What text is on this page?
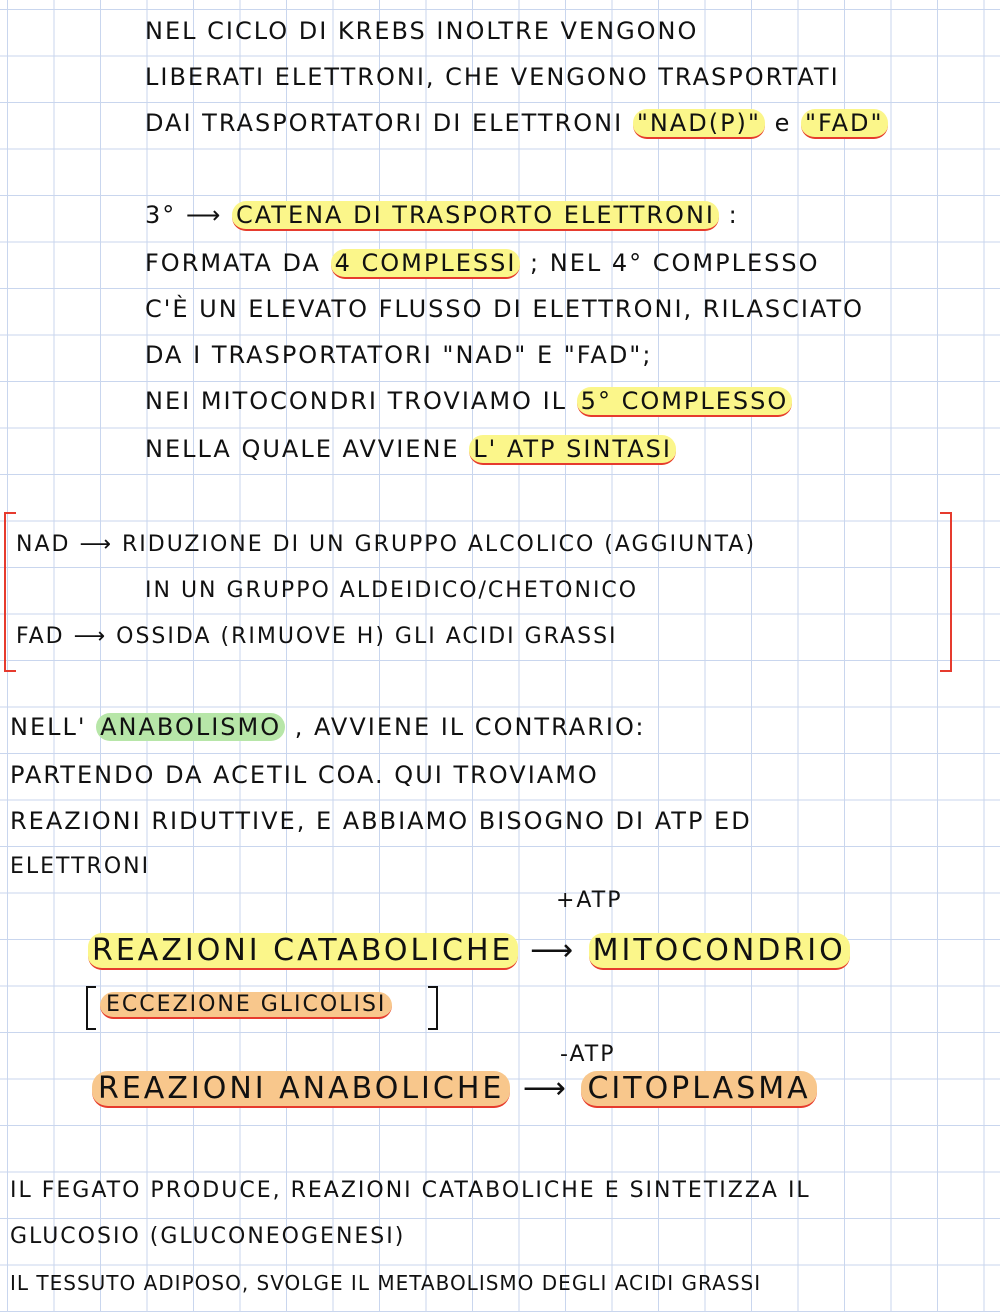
NEL CICLO DI KREBS INOLTRE VENGONO
LIBERATI ELETTRONI, CHE VENGONO TRASPORTATI
DAI TRASPORTATORI DI ELETTRONI "NAD(P)" e "FAD"
3° ⟶ CATENA DI TRASPORTO ELETTRONI :
FORMATA DA 4 COMPLESSI ; NEL 4° COMPLESSO
C'È UN ELEVATO FLUSSO DI ELETTRONI, RILASCIATO
DA I TRASPORTATORI "NAD" E "FAD";
NEI MITOCONDRI TROVIAMO IL 5° COMPLESSO
NELLA QUALE AVVIENE L' ATP SINTASI
NAD ⟶ RIDUZIONE DI UN GRUPPO ALCOLICO (AGGIUNTA)
IN UN GRUPPO ALDEIDICO/CHETONICO
FAD ⟶ OSSIDA (RIMUOVE H) GLI ACIDI GRASSI
NELL' ANABOLISMO , AVVIENE IL CONTRARIO:
PARTENDO DA ACETIL COA. QUI TROVIAMO
REAZIONI RIDUTTIVE, E ABBIAMO BISOGNO DI ATP ED
ELETTRONI
+ATP
REAZIONI CATABOLICHE ⟶ MITOCONDRIO
ECCEZIONE GLICOLISI
-ATP
REAZIONI ANABOLICHE ⟶ CITOPLASMA
IL FEGATO PRODUCE, REAZIONI CATABOLICHE E SINTETIZZA IL
GLUCOSIO (GLUCONEOGENESI)
IL TESSUTO ADIPOSO, SVOLGE IL METABOLISMO DEGLI ACIDI GRASSI
